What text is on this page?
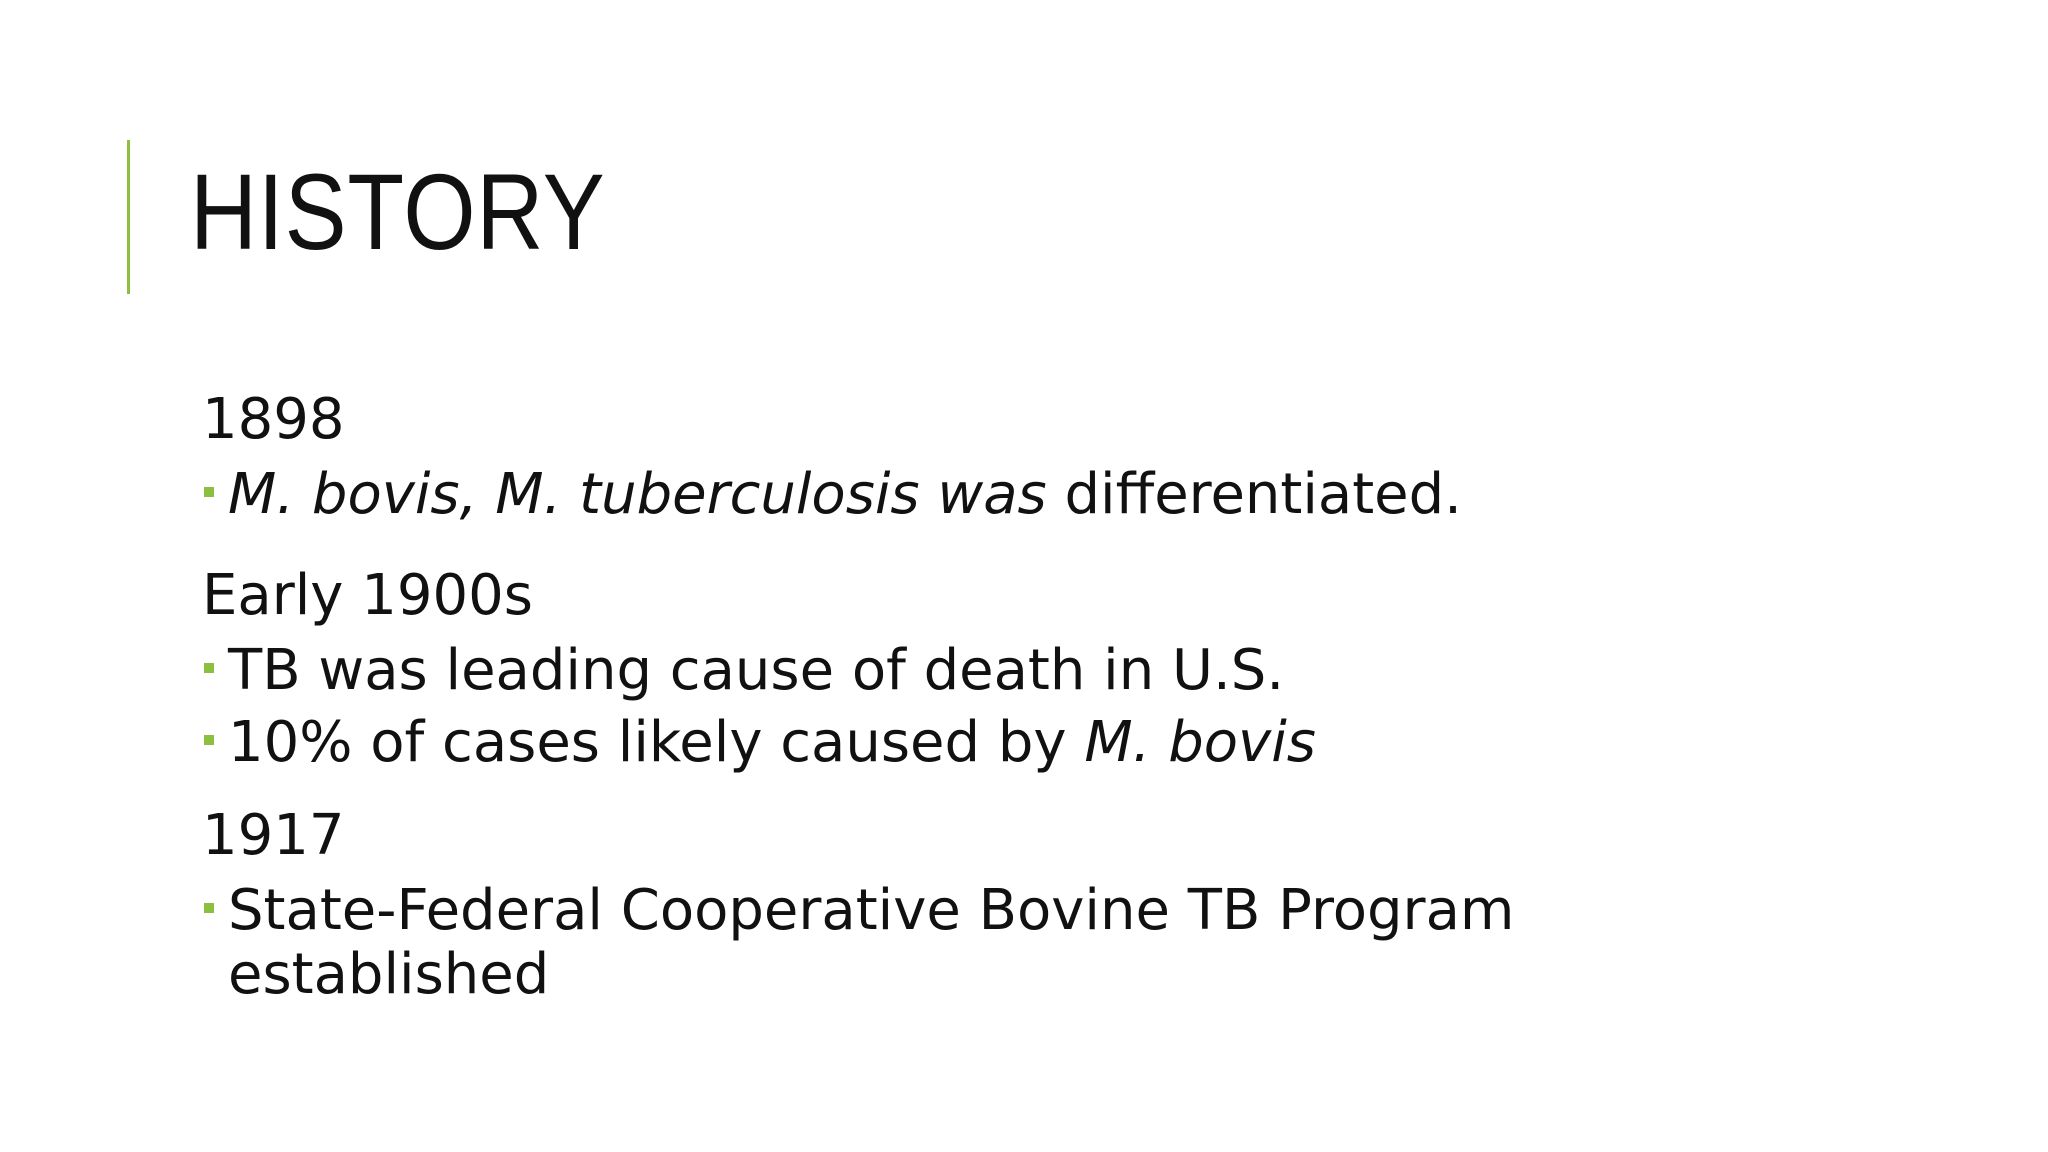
HISTORY

1898

M. bovis, M. tuberculosis was differentiated.

Early 1900s

TB was leading cause of death in U.S.
10% of cases likely caused by M. bovis

1917

State-Federal Cooperative Bovine TB Program established
